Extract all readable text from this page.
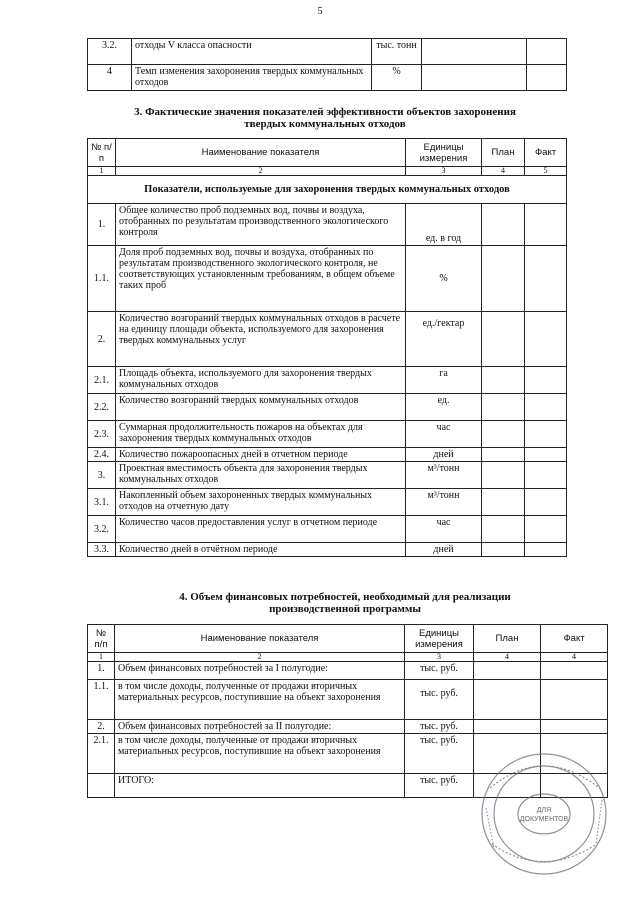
5
3.2.	отходы V класса опасности	тыс. тонн		
4	Темп изменения захоронения твердых коммунальных отходов	%		
3. Фактические значения показателей эффективности объектов захоронения
твердых коммунальных отходов
№ п/п	Наименование показателя	Единицы измерения	План	Факт
1	2	3	4	5
Показатели, используемые для захоронения твердых коммунальных отходов				
1.	Общее количество проб подземных вод, почвы и воздуха, отобранных по результатам производственного экологического контроля	ед. в год		
1.1.	Доля проб подземных вод, почвы и воздуха, отобранных по результатам производственного экологического контроля, не соответствующих установленным требованиям, в общем объеме таких проб	%		
2.	Количество возгораний твердых коммунальных отходов в расчете на единицу площади объекта, используемого для захоронения твердых коммунальных услуг	ед./гектар		
2.1.	Площадь объекта, используемого для захоронения твердых коммунальных отходов	га		
2.2.	Количество возгораний твердых коммунальных отходов	ед.		
2.3.	Суммарная продолжительность пожаров на объектах для захоронения твердых коммунальных отходов	час		
2.4.	Количество пожароопасных дней в отчетном периоде	дней		
3.	Проектная вместимость объекта для захоронения твердых коммунальных отходов	м³/тонн		
3.1.	Накопленный объем захороненных твердых коммунальных отходов на отчетную дату	м³/тонн		
3.2.	Количество часов предоставления услуг в отчетном периоде	час		
3.3.	Количество дней в отчётном периоде	дней		
4. Объем финансовых потребностей, необходимый для реализации
производственной программы
№ п/п	Наименование показателя	Единицы измерения	План	Факт
1	2	3	4	4
1.	Объем финансовых потребностей за I полугодие:	тыс. руб.		
1.1.	в том числе доходы, полученные от продажи вторичных материальных ресурсов, поступившие на объект захоронения	тыс. руб.		
2.	Объем финансовых потребностей за II полугодие:	тыс. руб.		
2.1.	в том числе доходы, полученные от продажи вторичных материальных ресурсов, поступившие на объект захоронения	тыс. руб.		
	ИТОГО:	тыс. руб.		
ДЛЯ
ДОКУМЕНТОВ
